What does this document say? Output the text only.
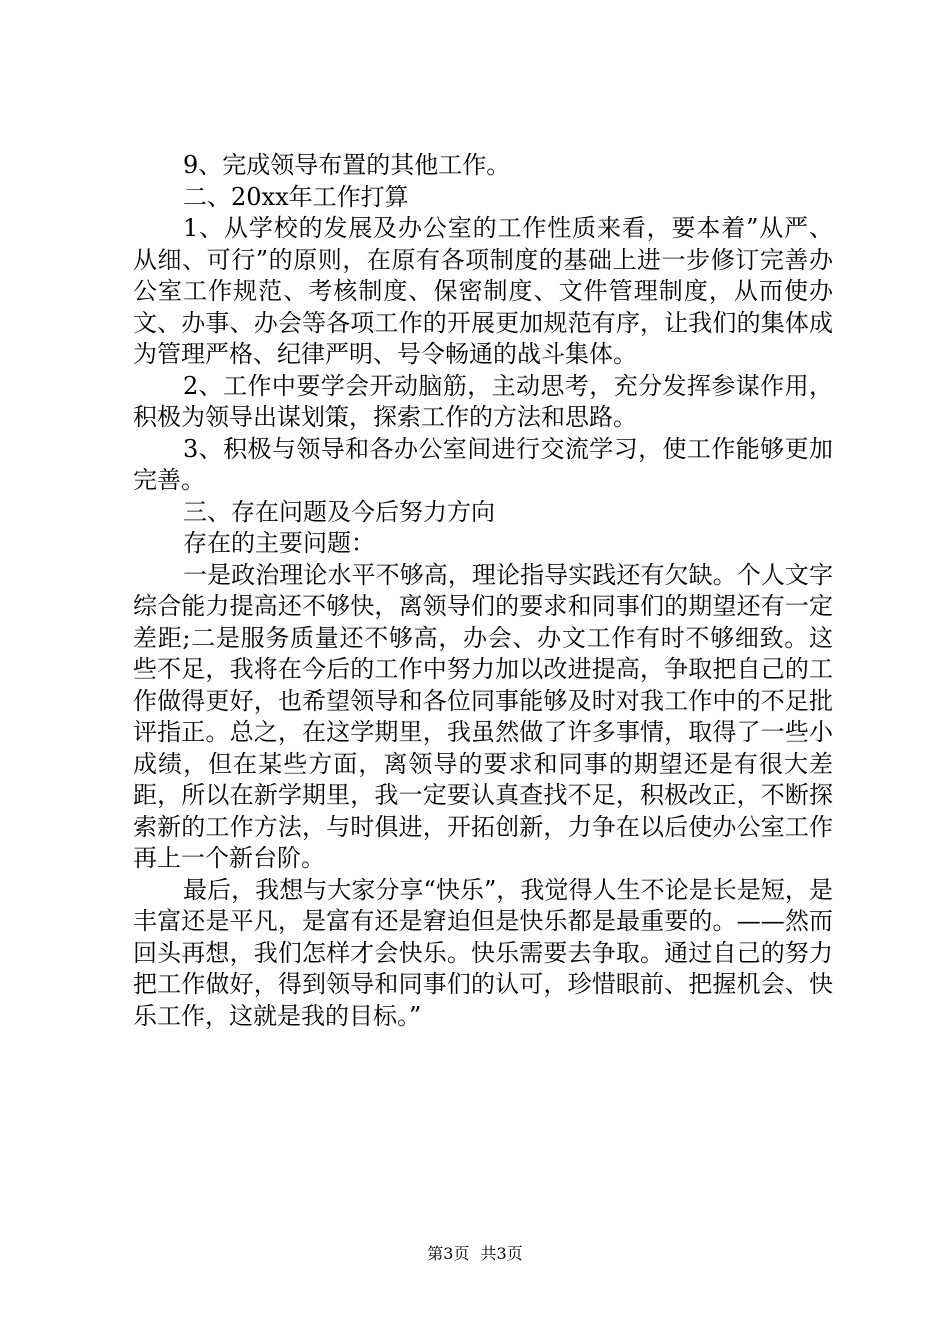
9、完成领导布置的其他工作。

二、20xx年工作打算

1、从学校的发展及办公室的工作性质来看，要本着”从严、从细、可行”的原则，在原有各项制度的基础上进一步修订完善办公室工作规范、考核制度、保密制度、文件管理制度，从而使办文、办事、办会等各项工作的开展更加规范有序，让我们的集体成为管理严格、纪律严明、号令畅通的战斗集体。

2、工作中要学会开动脑筋，主动思考，充分发挥参谋作用，积极为领导出谋划策，探索工作的方法和思路。

3、积极与领导和各办公室间进行交流学习，使工作能够更加完善。

三、存在问题及今后努力方向

存在的主要问题：

一是政治理论水平不够高，理论指导实践还有欠缺。个人文字综合能力提高还不够快，离领导们的要求和同事们的期望还有一定差距;二是服务质量还不够高，办会、办文工作有时不够细致。这些不足，我将在今后的工作中努力加以改进提高，争取把自己的工作做得更好，也希望领导和各位同事能够及时对我工作中的不足批评指正。总之，在这学期里，我虽然做了许多事情，取得了一些小成绩，但在某些方面，离领导的要求和同事的期望还是有很大差距，所以在新学期里，我一定要认真查找不足，积极改正，不断探索新的工作方法，与时俱进，开拓创新，力争在以后使办公室工作再上一个新台阶。

最后，我想与大家分享“快乐”，我觉得人生不论是长是短，是丰富还是平凡，是富有还是窘迫但是快乐都是最重要的。——然而回头再想，我们怎样才会快乐。快乐需要去争取。通过自己的努力把工作做好，得到领导和同事们的认可，珍惜眼前、把握机会、快乐工作，这就是我的目标。”

第3页 共3页
